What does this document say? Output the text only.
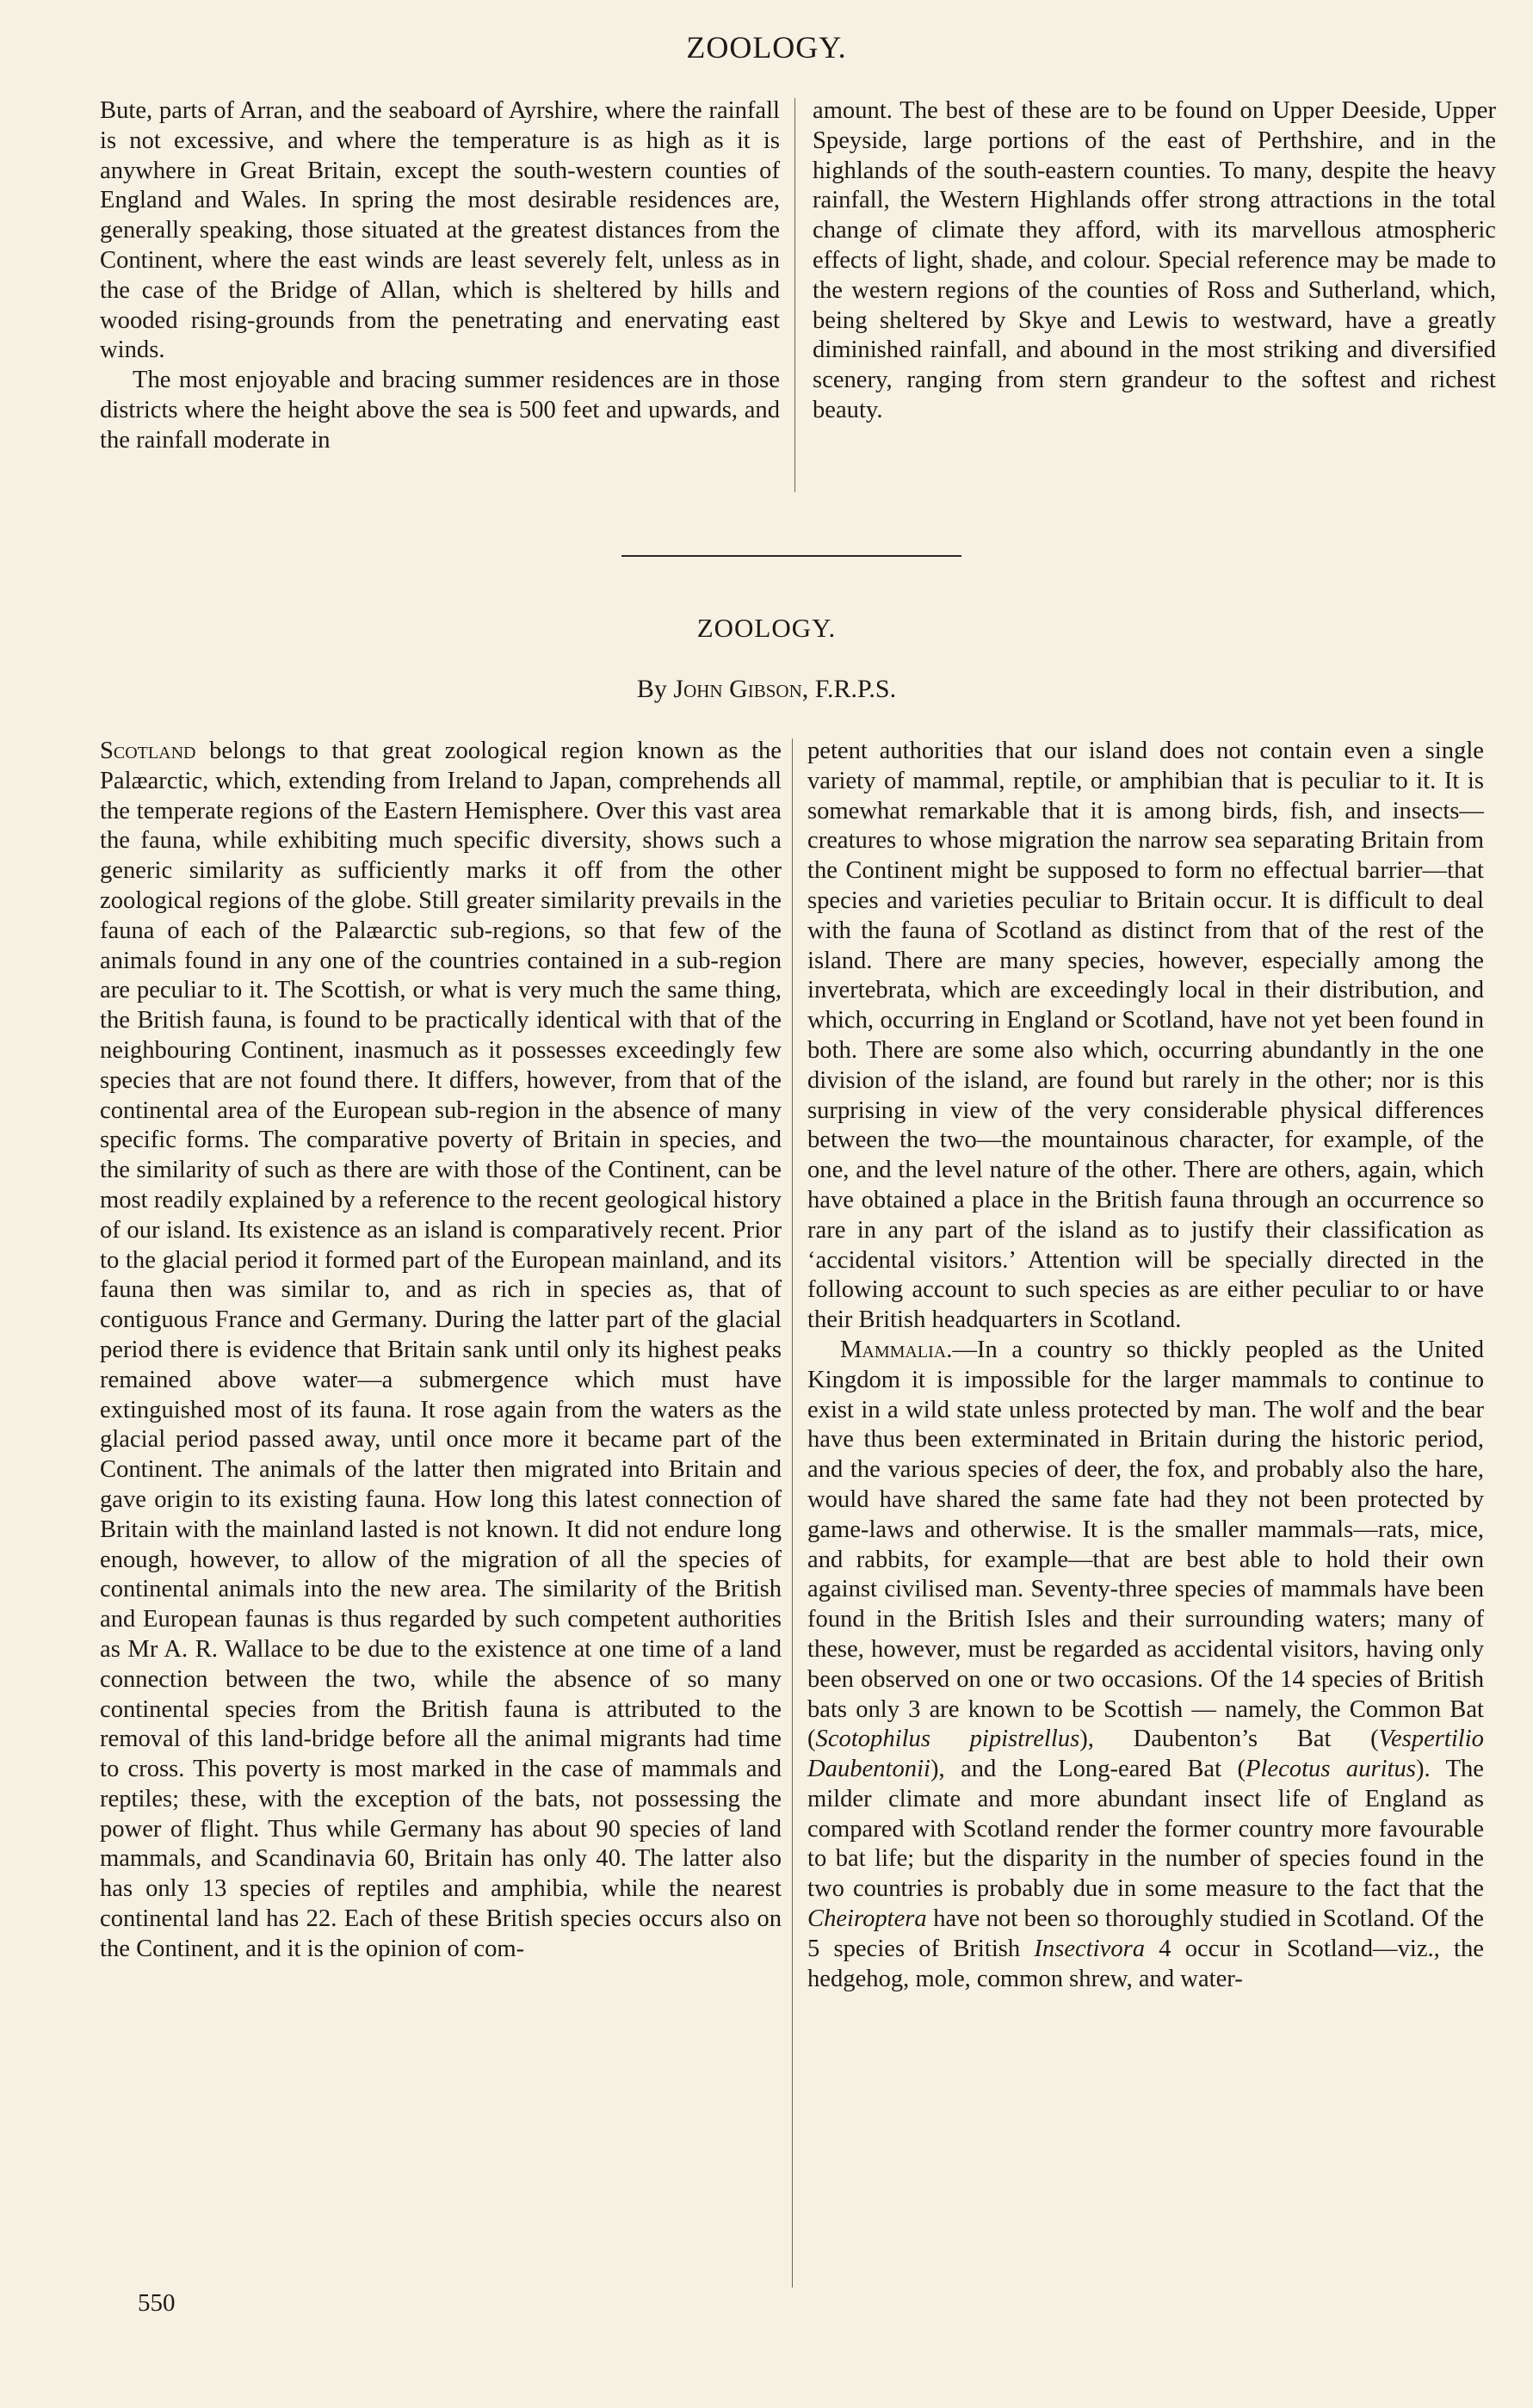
ZOOLOGY.

Bute, parts of Arran, and the seaboard of Ayrshire, where the rainfall is not excessive, and where the temperature is as high as it is anywhere in Great Britain, except the south-western counties of England and Wales. In spring the most desirable residences are, generally speaking, those situated at the greatest distances from the Continent, where the east winds are least severely felt, unless as in the case of the Bridge of Allan, which is sheltered by hills and wooded rising-grounds from the penetrating and enervating east winds.

The most enjoyable and bracing summer residences are in those districts where the height above the sea is 500 feet and upwards, and the rainfall moderate in

amount. The best of these are to be found on Upper Deeside, Upper Speyside, large portions of the east of Perthshire, and in the highlands of the south-eastern counties. To many, despite the heavy rainfall, the Western Highlands offer strong attractions in the total change of climate they afford, with its marvellous atmospheric effects of light, shade, and colour. Special reference may be made to the western regions of the counties of Ross and Sutherland, which, being sheltered by Skye and Lewis to westward, have a greatly diminished rainfall, and abound in the most striking and diversified scenery, ranging from stern grandeur to the softest and richest beauty.

ZOOLOGY.
By John Gibson, F.R.P.S.

Scotland belongs to that great zoological region known as the Palæarctic, which, extending from Ireland to Japan, comprehends all the temperate regions of the Eastern Hemisphere. Over this vast area the fauna, while exhibiting much specific diversity, shows such a generic similarity as sufficiently marks it off from the other zoological regions of the globe. Still greater similarity prevails in the fauna of each of the Palæarctic sub-regions, so that few of the animals found in any one of the countries contained in a sub-region are peculiar to it. The Scottish, or what is very much the same thing, the British fauna, is found to be practically identical with that of the neighbouring Continent, inasmuch as it possesses exceedingly few species that are not found there. It differs, however, from that of the continental area of the European sub-region in the absence of many specific forms. The comparative poverty of Britain in species, and the similarity of such as there are with those of the Continent, can be most readily explained by a reference to the recent geological history of our island. Its existence as an island is comparatively recent. Prior to the glacial period it formed part of the European mainland, and its fauna then was similar to, and as rich in species as, that of contiguous France and Germany. During the latter part of the glacial period there is evidence that Britain sank until only its highest peaks remained above water—a submergence which must have extinguished most of its fauna. It rose again from the waters as the glacial period passed away, until once more it became part of the Continent. The animals of the latter then migrated into Britain and gave origin to its existing fauna. How long this latest connection of Britain with the mainland lasted is not known. It did not endure long enough, however, to allow of the migration of all the species of continental animals into the new area. The similarity of the British and European faunas is thus regarded by such competent authorities as Mr A. R. Wallace to be due to the existence at one time of a land connection between the two, while the absence of so many continental species from the British fauna is attributed to the removal of this land-bridge before all the animal migrants had time to cross. This poverty is most marked in the case of mammals and reptiles; these, with the exception of the bats, not possessing the power of flight. Thus while Germany has about 90 species of land mammals, and Scandinavia 60, Britain has only 40. The latter also has only 13 species of reptiles and amphibia, while the nearest continental land has 22. Each of these British species occurs also on the Continent, and it is the opinion of com-

petent authorities that our island does not contain even a single variety of mammal, reptile, or amphibian that is peculiar to it. It is somewhat remarkable that it is among birds, fish, and insects—creatures to whose migration the narrow sea separating Britain from the Continent might be supposed to form no effectual barrier—that species and varieties peculiar to Britain occur. It is difficult to deal with the fauna of Scotland as distinct from that of the rest of the island. There are many species, however, especially among the invertebrata, which are exceedingly local in their distribution, and which, occurring in England or Scotland, have not yet been found in both. There are some also which, occurring abundantly in the one division of the island, are found but rarely in the other; nor is this surprising in view of the very considerable physical differences between the two—the mountainous character, for example, of the one, and the level nature of the other. There are others, again, which have obtained a place in the British fauna through an occurrence so rare in any part of the island as to justify their classification as ‘accidental visitors.’ Attention will be specially directed in the following account to such species as are either peculiar to or have their British headquarters in Scotland.

Mammalia.—In a country so thickly peopled as the United Kingdom it is impossible for the larger mammals to continue to exist in a wild state unless protected by man. The wolf and the bear have thus been exterminated in Britain during the historic period, and the various species of deer, the fox, and probably also the hare, would have shared the same fate had they not been protected by game-laws and otherwise. It is the smaller mammals—rats, mice, and rabbits, for example—that are best able to hold their own against civilised man. Seventy-three species of mammals have been found in the British Isles and their surrounding waters; many of these, however, must be regarded as accidental visitors, having only been observed on one or two occasions. Of the 14 species of British bats only 3 are known to be Scottish — namely, the Common Bat (Scotophilus pipistrellus), Daubenton’s Bat (Vespertilio Daubentonii), and the Long-eared Bat (Plecotus auritus). The milder climate and more abundant insect life of England as compared with Scotland render the former country more favourable to bat life; but the disparity in the number of species found in the two countries is probably due in some measure to the fact that the Cheiroptera have not been so thoroughly studied in Scotland. Of the 5 species of British Insectivora 4 occur in Scotland—viz., the hedgehog, mole, common shrew, and water-

550
